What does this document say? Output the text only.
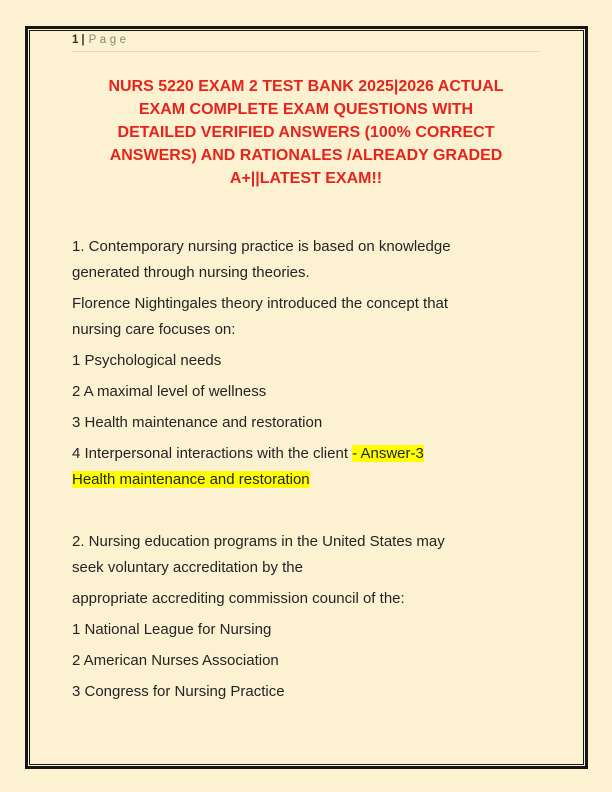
1 | Page
NURS 5220 EXAM 2 TEST BANK 2025|2026 ACTUAL
EXAM COMPLETE EXAM QUESTIONS WITH
DETAILED VERIFIED ANSWERS (100% CORRECT
ANSWERS) AND RATIONALES /ALREADY GRADED
A+||LATEST EXAM!!

1. Contemporary nursing practice is based on knowledge
generated through nursing theories.

Florence Nightingales theory introduced the concept that
nursing care focuses on:

1 Psychological needs

2 A maximal level of wellness

3 Health maintenance and restoration

4 Interpersonal interactions with the client - Answer-3
Health maintenance and restoration

2. Nursing education programs in the United States may
seek voluntary accreditation by the

appropriate accrediting commission council of the:

1 National League for Nursing

2 American Nurses Association

3 Congress for Nursing Practice
